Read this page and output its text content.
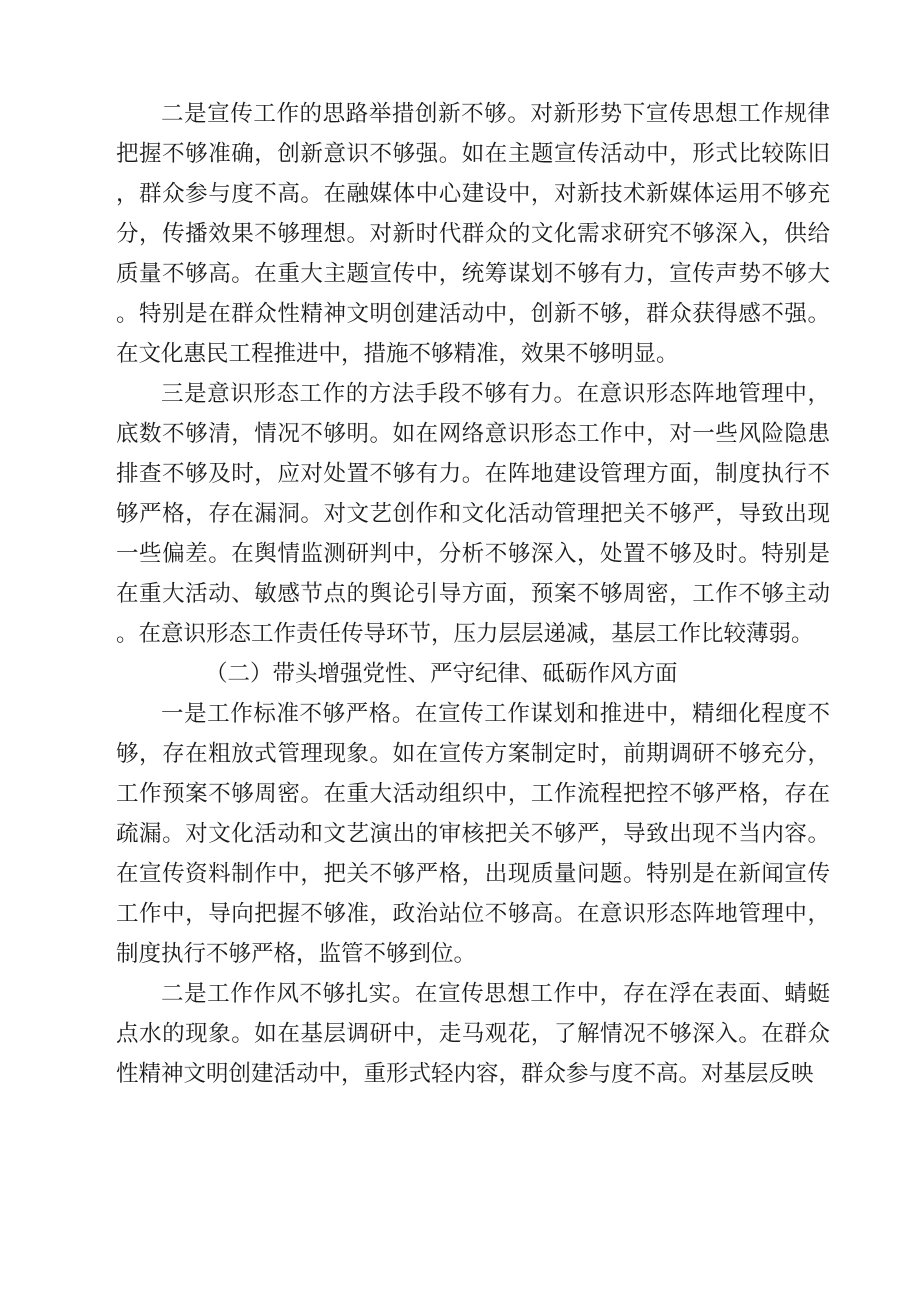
二是宣传工作的思路举措创新不够。对新形势下宣传思想工作规律把握不够准确，创新意识不够强。如在主题宣传活动中，形式比较陈旧，群众参与度不高。在融媒体中心建设中，对新技术新媒体运用不够充分，传播效果不够理想。对新时代群众的文化需求研究不够深入，供给质量不够高。在重大主题宣传中，统筹谋划不够有力，宣传声势不够大。特别是在群众性精神文明创建活动中，创新不够，群众获得感不强。在文化惠民工程推进中，措施不够精准，效果不够明显。

三是意识形态工作的方法手段不够有力。在意识形态阵地管理中，底数不够清，情况不够明。如在网络意识形态工作中，对一些风险隐患排查不够及时，应对处置不够有力。在阵地建设管理方面，制度执行不够严格，存在漏洞。对文艺创作和文化活动管理把关不够严，导致出现一些偏差。在舆情监测研判中，分析不够深入，处置不够及时。特别是在重大活动、敏感节点的舆论引导方面，预案不够周密，工作不够主动。在意识形态工作责任传导环节，压力层层递减，基层工作比较薄弱。

（二）带头增强党性、严守纪律、砥砺作风方面

一是工作标准不够严格。在宣传工作谋划和推进中，精细化程度不够，存在粗放式管理现象。如在宣传方案制定时，前期调研不够充分，工作预案不够周密。在重大活动组织中，工作流程把控不够严格，存在疏漏。对文化活动和文艺演出的审核把关不够严，导致出现不当内容。在宣传资料制作中，把关不够严格，出现质量问题。特别是在新闻宣传工作中，导向把握不够准，政治站位不够高。在意识形态阵地管理中，制度执行不够严格，监管不够到位。

二是工作作风不够扎实。在宣传思想工作中，存在浮在表面、蜻蜓点水的现象。如在基层调研中，走马观花，了解情况不够深入。在群众性精神文明创建活动中，重形式轻内容，群众参与度不高。对基层反映
